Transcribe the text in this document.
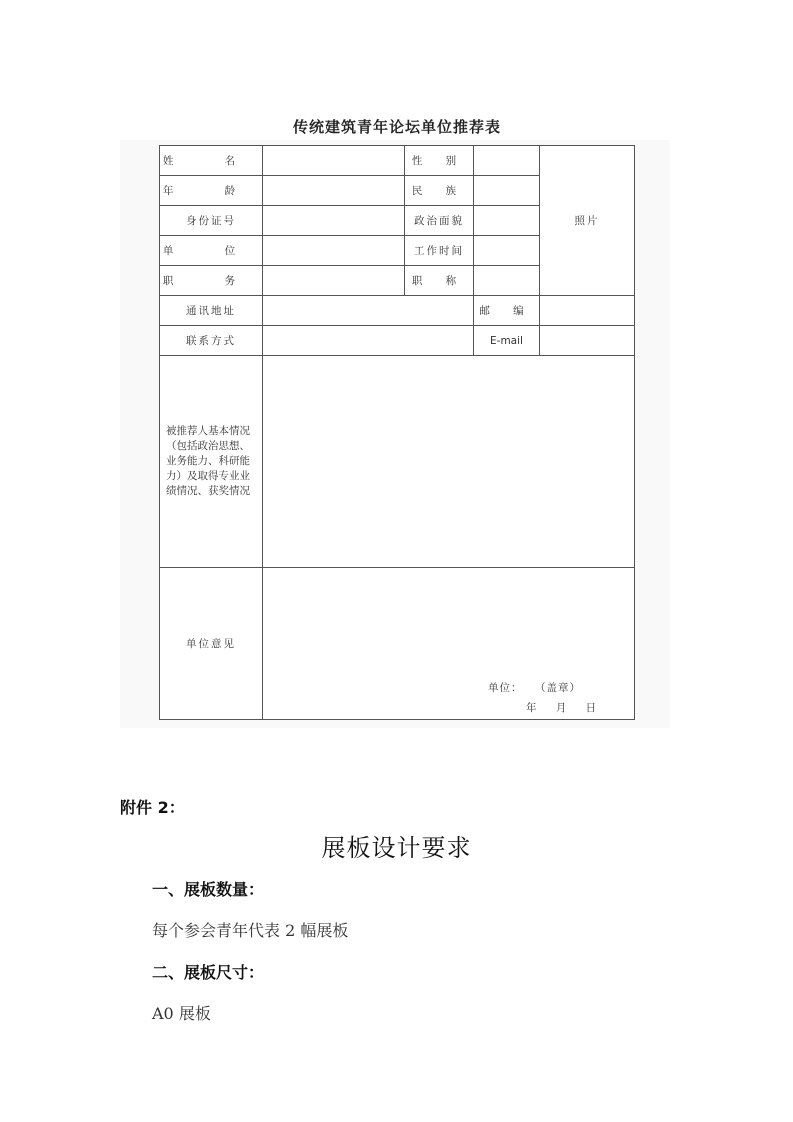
传统建筑青年论坛单位推荐表
姓 名		性 别		照片
年 龄		民 族		
身份证号		政治面貌		
单 位		工作时间		
职 务		职 称		
通讯地址			邮 编	
联系方式			E-mail	
被推荐人基本情况（包括政治思想、业务能力、科研能力）及取得专业业绩情况、获奖情况				
单位意见	单位：　　（盖章）
年 月 日			
附件 2：
展板设计要求
一、展板数量：
每个参会青年代表 2 幅展板
二、展板尺寸：
A0 展板
